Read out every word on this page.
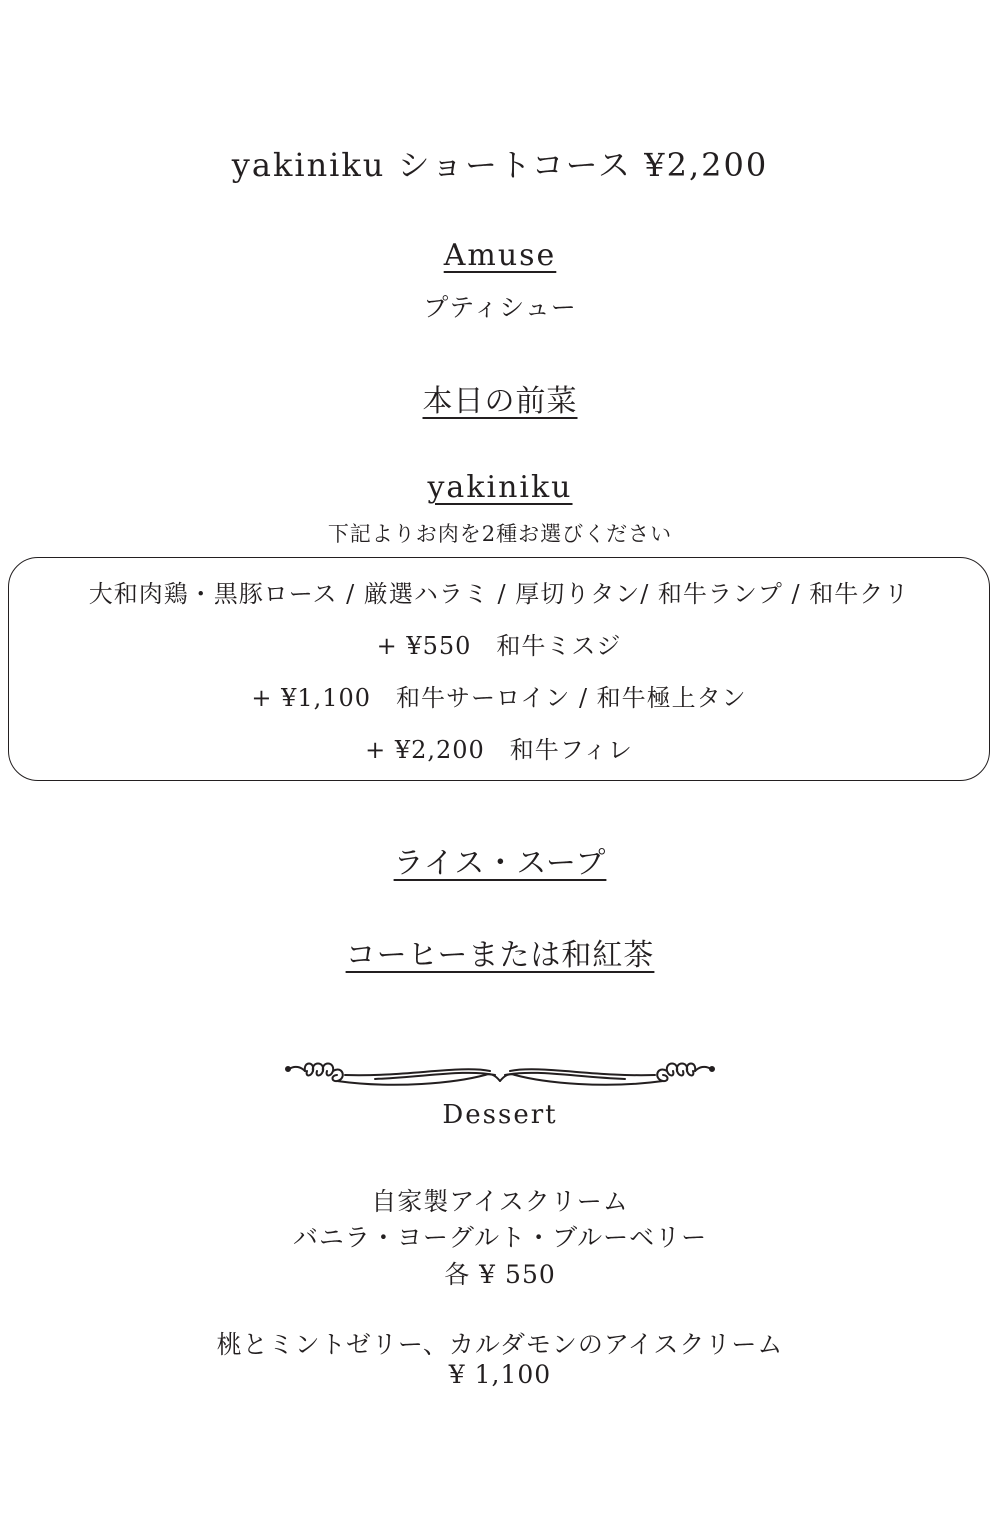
yakiniku ショートコース ¥2,200
Amuse
プティシュー
本日の前菜
yakiniku
下記よりお肉を2種お選びください
大和肉鶏・黒豚ロース / 厳選ハラミ / 厚切りタン/ 和牛ランプ / 和牛クリ
+ ¥550　和牛ミスジ
+ ¥1,100　和牛サーロイン / 和牛極上タン
+ ¥2,200　和牛フィレ
ライス・スープ
コーヒーまたは和紅茶
Dessert
自家製アイスクリーム
バニラ・ヨーグルト・ブルーベリー
各 ¥ 550
桃とミントゼリー、カルダモンのアイスクリーム
¥ 1,100
